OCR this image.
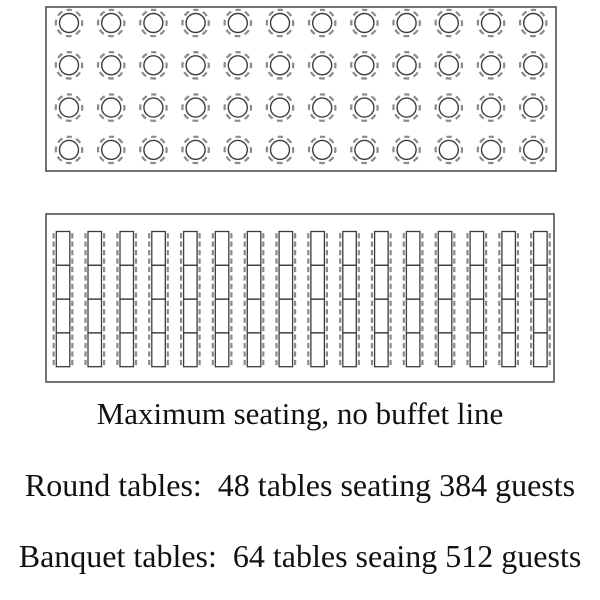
Maximum seating, no buffet line
Round tables:  48 tables seating 384 guests
Banquet tables:  64 tables seaing 512 guests
